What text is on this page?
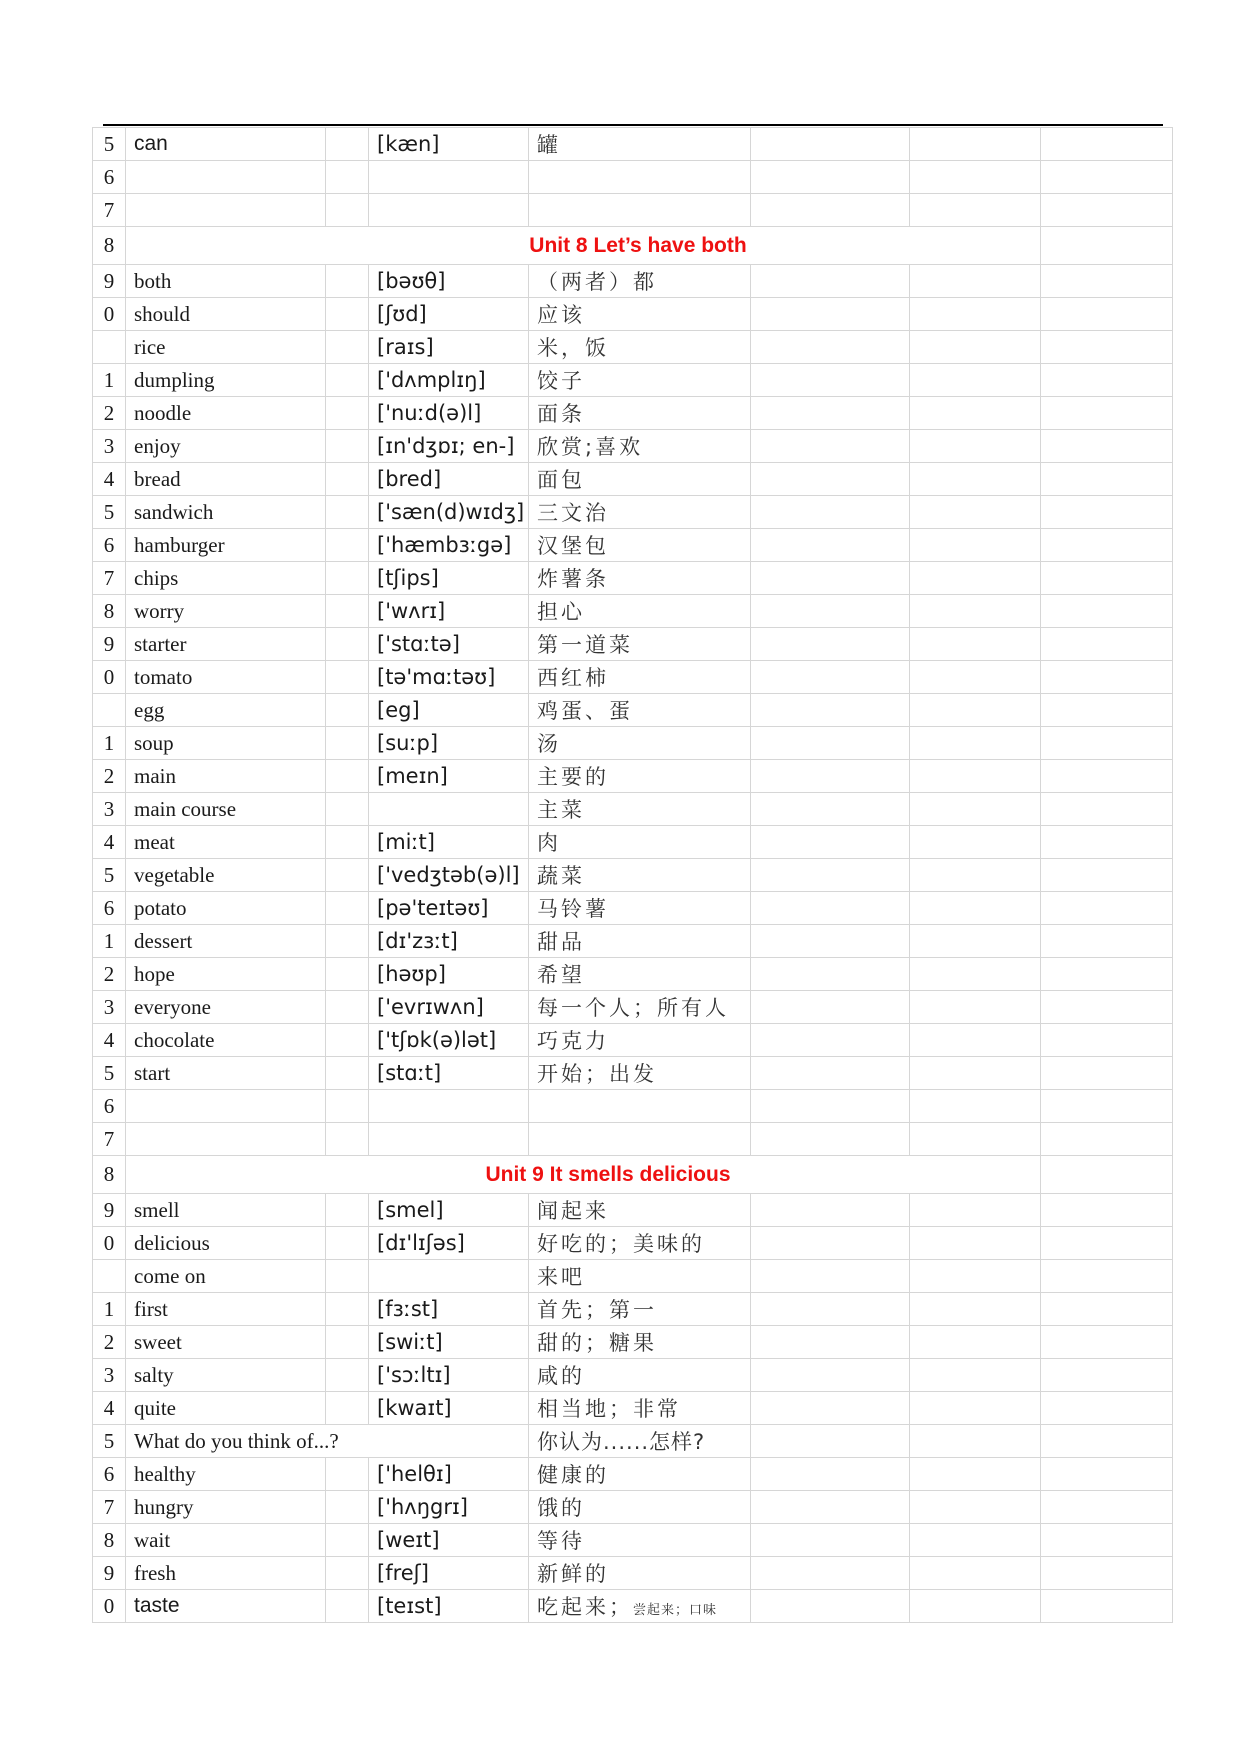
5	can		[kæn]	罐			
6							
7							
8	Unit 8 Let’s have both						
9	both		[bəʊθ]	（两者）都			
0	should		[ʃʊd]	应该			
	rice		[raɪs]	米，饭			
1	dumpling		['dʌmplɪŋ]	饺子			
2	noodle		['nuːd(ə)l]	面条			
3	enjoy		[ɪn'dʒɒɪ; en-]	欣赏;喜欢			
4	bread		[bred]	面包			
5	sandwich		['sæn(d)wɪdʒ]	三文治			
6	hamburger		['hæmbɜːgə]	汉堡包			
7	chips		[tʃips]	炸薯条			
8	worry		['wʌrɪ]	担心			
9	starter		['stɑːtə]	第一道菜			
0	tomato		[tə'mɑːtəʊ]	西红柿			
	egg		[eg]	鸡蛋、蛋			
1	soup		[suːp]	汤			
2	main		[meɪn]	主要的			
3	main course			主菜			
4	meat		[miːt]	肉			
5	vegetable		['vedʒtəb(ə)l]	蔬菜			
6	potato		[pə'teɪtəʊ]	马铃薯			
1	dessert		[dɪ'zɜːt]	甜品			
2	hope		[həʊp]	希望			
3	everyone		['evrɪwʌn]	每一个人；所有人			
4	chocolate		['tʃɒk(ə)lət]	巧克力			
5	start		[stɑːt]	开始；出发			
6							
7							
8	Unit 9 It smells delicious						
9	smell		[smel]	闻起来			
0	delicious		[dɪ'lɪʃəs]	好吃的；美味的			
	come on			来吧			
1	first		[fɜːst]	首先；第一			
2	sweet		[swiːt]	甜的；糖果			
3	salty		['sɔːltɪ]	咸的			
4	quite		[kwaɪt]	相当地；非常			
5	What do you think of...?			你认为......怎样?			
6	healthy		['helθɪ]	健康的			
7	hungry		['hʌŋgrɪ]	饿的			
8	wait		[weɪt]	等待			
9	fresh		[freʃ]	新鲜的			
0	taste		[teɪst]	吃起来；尝起来；口味			
